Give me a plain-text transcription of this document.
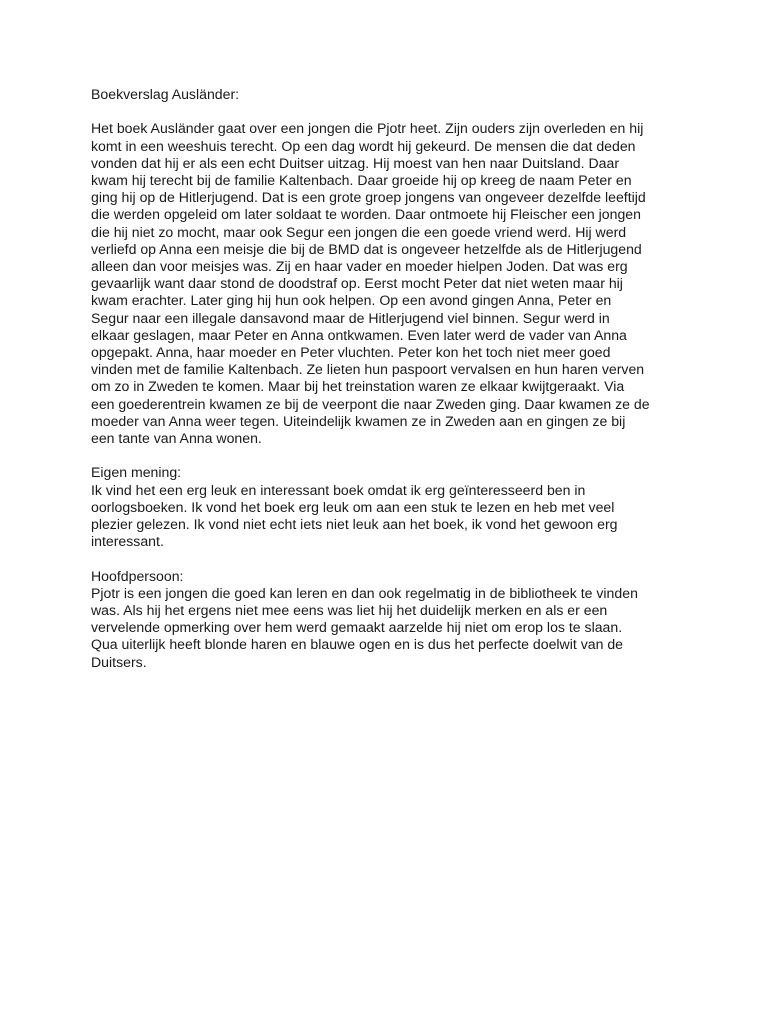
Boekverslag Ausländer:

Het boek Ausländer gaat over een jongen die Pjotr heet. Zijn ouders zijn overleden en hij komt in een weeshuis terecht. Op een dag wordt hij gekeurd. De mensen die dat deden vonden dat hij er als een echt Duitser uitzag. Hij moest van hen naar Duitsland. Daar kwam hij terecht bij de familie Kaltenbach. Daar groeide hij op kreeg de naam Peter en ging hij op de Hitlerjugend. Dat is een grote groep jongens van ongeveer dezelfde leeftijd die werden opgeleid om later soldaat te worden. Daar ontmoete hij Fleischer een jongen die hij niet zo mocht, maar ook Segur een jongen die een goede vriend werd. Hij werd verliefd op Anna een meisje die bij de BMD dat is ongeveer hetzelfde als de Hitlerjugend alleen dan voor meisjes was. Zij en haar vader en moeder hielpen Joden. Dat was erg gevaarlijk want daar stond de doodstraf op. Eerst mocht Peter dat niet weten maar hij kwam erachter. Later ging hij hun ook helpen. Op een avond gingen Anna, Peter en Segur naar een illegale dansavond maar de Hitlerjugend viel binnen. Segur werd in elkaar geslagen, maar Peter en Anna ontkwamen. Even later werd de vader van Anna opgepakt. Anna, haar moeder en Peter vluchten. Peter kon het toch niet meer goed vinden met de familie Kaltenbach. Ze lieten hun paspoort vervalsen en hun haren verven om zo in Zweden te komen. Maar bij het treinstation waren ze elkaar kwijtgeraakt. Via een goederentrein kwamen ze bij de veerpont die naar Zweden ging. Daar kwamen ze de moeder van Anna weer tegen. Uiteindelijk kwamen ze in Zweden aan en gingen ze bij een tante van Anna wonen.

Eigen mening:

Ik vind het een erg leuk en interessant boek omdat ik erg geïnteresseerd ben in oorlogsboeken. Ik vond het boek erg leuk om aan een stuk te lezen en heb met veel plezier gelezen. Ik vond niet echt iets niet leuk aan het boek, ik vond het gewoon erg interessant.

Hoofdpersoon:

Pjotr is een jongen die goed kan leren en dan ook regelmatig in de bibliotheek te vinden was. Als hij het ergens niet mee eens was liet hij het duidelijk merken en als er een vervelende opmerking over hem werd gemaakt aarzelde hij niet om erop los te slaan. Qua uiterlijk heeft blonde haren en blauwe ogen en is dus het perfecte doelwit van de Duitsers.
